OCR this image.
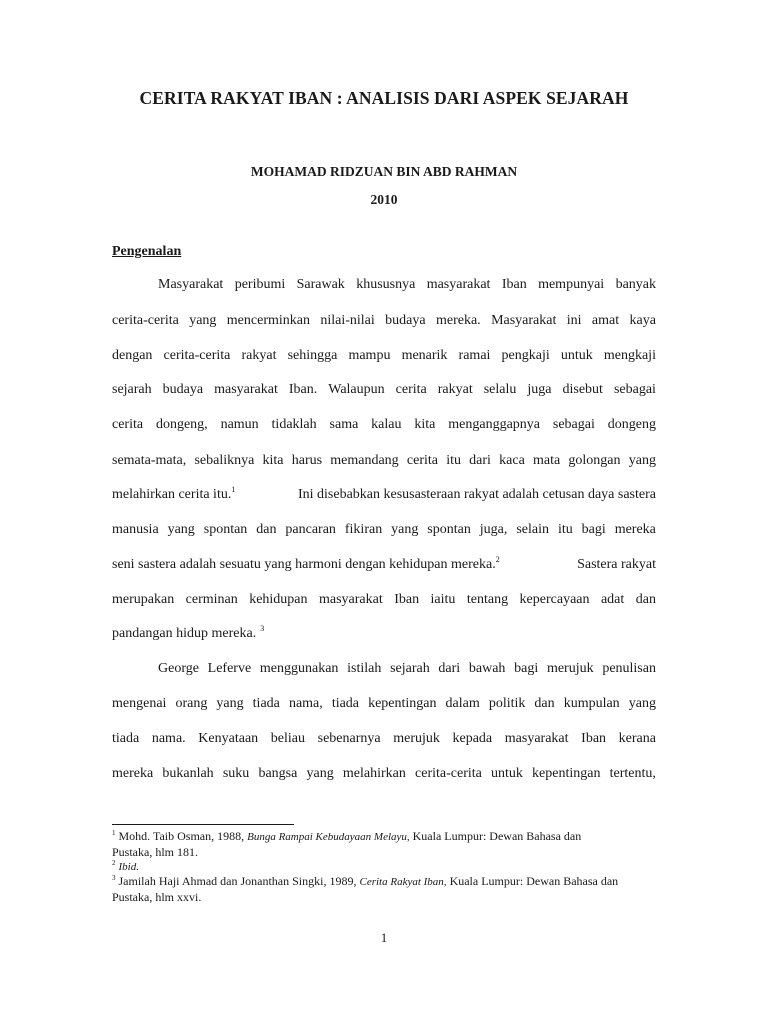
CERITA RAKYAT IBAN : ANALISIS DARI ASPEK SEJARAH

MOHAMAD RIDZUAN BIN ABD RAHMAN

2010

Pengenalan
Masyarakat peribumi Sarawak khususnya masyarakat Iban mempunyai banyak
cerita-cerita yang mencerminkan nilai-nilai budaya mereka. Masyarakat ini amat kaya
dengan cerita-cerita rakyat sehingga mampu menarik ramai pengkaji untuk mengkaji
sejarah budaya masyarakat Iban. Walaupun cerita rakyat selalu juga disebut sebagai
cerita dongeng, namun tidaklah sama kalau kita menganggapnya sebagai dongeng
semata-mata, sebaliknya kita harus memandang cerita itu dari kaca mata golongan yang
melahirkan cerita itu.$^1$	Ini disebabkan kesusasteraan rakyat adalah cetusan daya sastera
manusia yang spontan dan pancaran fikiran yang spontan juga, selain itu bagi mereka
seni sastera adalah sesuatu yang harmoni dengan kehidupan mereka.$^2$	Sastera rakyat
merupakan cerminan kehidupan masyarakat Iban iaitu tentang kepercayaan adat dan
pandangan hidup mereka. $^3$
George Leferve menggunakan istilah sejarah dari bawah bagi merujuk penulisan
mengenai orang yang tiada nama, tiada kepentingan dalam politik dan kumpulan yang
tiada nama. Kenyataan beliau sebenarnya merujuk kepada masyarakat Iban kerana
mereka bukanlah suku bangsa yang melahirkan cerita-cerita untuk kepentingan tertentu,
$^1$ Mohd. Taib Osman, 1988, Bunga Rampai Kebudayaan Melayu, Kuala Lumpur: Dewan Bahasa dan
Pustaka, hlm 181.
$^2$ Ibid.
$^3$ Jamilah Haji Ahmad dan Jonanthan Singki, 1989, Cerita Rakyat Iban, Kuala Lumpur: Dewan Bahasa dan
Pustaka, hlm xxvi.

1
